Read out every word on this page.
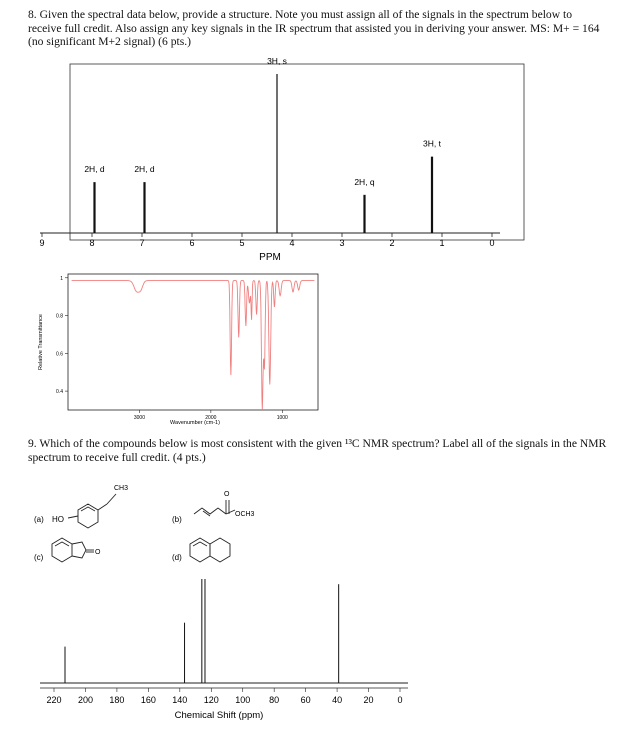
8. Given the spectral data below, provide a structure. Note you must assign all of the signals in the spectrum below to receive full credit. Also assign any key signals in the IR spectrum that assisted you in deriving your answer. MS: M+ = 164 (no significant M+2 signal) (6 pts.)
2H, d	2H, d
3H, s
2H, q
3H, t
9	8	7	6	5	4	3	2	1	0
PPM
Relative Transmittance
1
0.8
0.6
0.4
3000	2000	1000
Wavenumber (cm-1)
9. Which of the compounds below is most consistent with the given ¹³C NMR spectrum? Label all of the signals in the NMR spectrum to receive full credit. (4 pts.)
(a) HO
CH3
(b)
O
OCH3
(c)
O
(d)
220 200 180 160 140 120 100 80 60 40 20	0
Chemical Shift (ppm)
